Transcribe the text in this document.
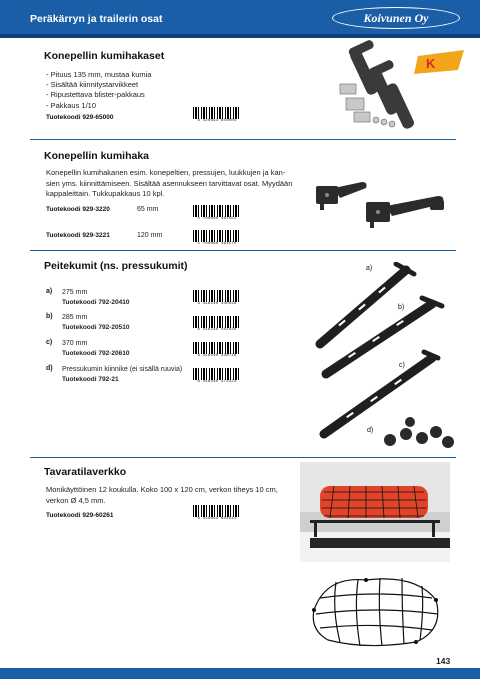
Peräkärryn ja trailerin osat	Koivunen Oy
Konepellin kumihakaset
- Pituus 135 mm, mustaa kumia
- Sisältää kiinnitystarvikkeet
- Ripustettava blister-pakkaus
- Pakkaus 1/10
Tuotekoodi 929-65000	6 420693 650004
K
Konepellin kumihaka
Konepellin kumihakanen esim. konepeltien, pressujen, luukkujen ja kan-
sien yms. kiinnittämiseen. Sisältää asennukseen tarvittavat osat. Myydään
kappaleittain. Tukkupakkaus 10 kpl.
Tuotekoodi 929-3220	65 mm
5 700660 461551
Tuotekoodi 929-3221	120 mm
5 700660 461575
Peitekumit (ns. pressukumit)
a) 275 mm
Tuotekoodi 792-20410	6 416240 445029
b) 285 mm
Tuotekoodi 792-20510	6 416240 462026
c) 370 mm
Tuotekoodi 792-20610	6 416240 336719
d) Pressukumin kiinnike (ei sisällä ruuvia)
Tuotekoodi 792-21	6 416240 473323
a)
b)
c)
d)
Tavaratilaverkko
Monikäyttöinen 12 koukulla. Koko 100 x 120 cm, verkon tiheys 10 cm,
verkon Ø 4,5 mm.
Tuotekoodi 929-60261	6 420693 602614
143
